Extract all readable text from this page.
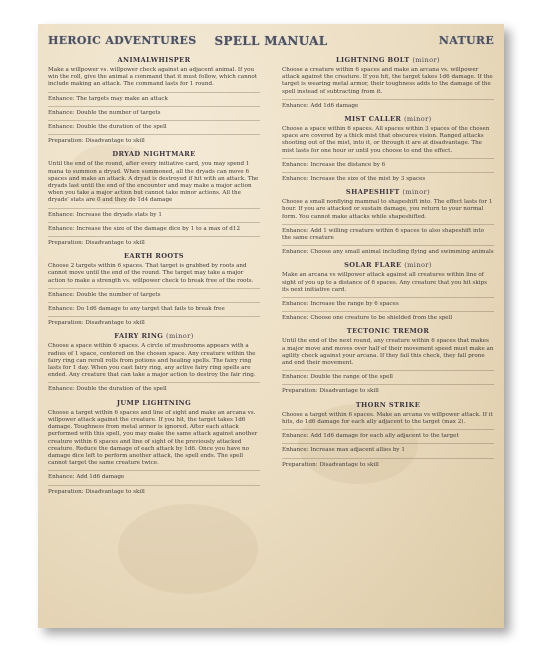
HEROIC ADVENTURES	SPELL MANUAL	NATURE
ANIMALWHISPER
Make a willpower vs. willpower check against an adjacent animal. If you win the roll, give the animal a command that it must follow, which cannot include making an attack. The command lasts for 1 round.
Enhance: The targets may make an attack
Enhance: Double the number of targets
Enhance: Double the duration of the spell
Preparation: Disadvantage to skill
DRYAD NIGHTMARE
Until the end of the round, after every initiative card, you may spend 1 mana to summon a dryad. When summoned, all the dryads can move 6 spaces and make an attack. A dryad is destroyed if hit with an attack. The dryads last until the end of the encounter and may make a major action when you take a major action but cannot take minor actions. All the dryads' stats are 0 and they do 1d4 damage
Enhance: Increase the dryads stats by 1
Enhance: Increase the size of the damage dice by 1 to a max of d12
Preparation: Disadvantage to skill
EARTH ROOTS
Choose 2 targets within 6 spaces. That target is grabbed by roots and cannot move until the end of the round. The target may take a major action to make a strength vs. willpower check to break free of the roots.
Enhance: Double the number of targets
Enhance: Do 1d6 damage to any target that fails to break free
Preparation: Disadvantage to skill
FAIRY RING (minor)
Choose a space within 6 spaces. A circle of mushrooms appears with a radius of 1 space, centered on the chosen space. Any creature within the fairy ring can reroll rolls from potions and healing spells. The fairy ring lasts for 1 day. When you cast fairy ring, any active fairy ring spells are ended. Any creature that can take a major action to destroy the fair ring.
Enhance: Double the duration of the spell
JUMP LIGHTNING
Choose a target within 6 spaces and line of sight and make an arcana vs. willpower attack against the creature. If you hit, the target takes 1d6 damage. Toughness from metal armor is ignored. After each attack performed with this spell, you may make the same attack against another creature within 6 spaces and line of sight of the previously attacked creature. Reduce the damage of each attack by 1d6. Once you have no damage dice left to perform another attack, the spell ends. The spell cannot target the same creature twice.
Enhance: Add 1d6 damage
Preparation: Disadvantage to skill
LIGHTNING BOLT (minor)
Choose a creature within 6 spaces and make an arcana vs. willpower attack against the creature. If you hit, the target takes 1d6 damage. If the target is wearing metal armor, their toughness adds to the damage of the spell instead of subtracting from it.
Enhance: Add 1d6 damage
MIST CALLER (minor)
Choose a space within 6 spaces. All spaces within 3 spaces of the chosen space are covered by a thick mist that obscures vision. Ranged attacks shooting out of the mist, into it, or through it are at disadvantage. The mist lasts for one hour or until you choose to end the effect.
Enhance: Increase the distance by 6
Enhance: Increase the size of the mist by 3 spaces
SHAPESHIFT (minor)
Choose a small nonflying mammal to shapeshift into. The effect lasts for 1 hour. If you are attacked or sustain damage, you return to your normal form. You cannot make attacks while shapeshifted.
Enhance: Add 1 willing creature within 6 spaces to also shapeshift into the same creature
Enhance: Choose any small animal including flying and swimming animals
SOLAR FLARE (minor)
Make an arcana vs willpower attack against all creatures within line of sight of you up to a distance of 6 spaces. Any creature that you hit skips its next initiative card.
Enhance: Increase the range by 6 spaces
Enhance: Choose one creature to be shielded from the spell
TECTONIC TREMOR
Until the end of the next round, any creature within 6 spaces that makes a major move and moves over half of their movement speed must make an agility check against your arcana. If they fail this check, they fall prone and end their movement.
Enhance: Double the range of the spell
Preparation: Disadvantage to skill
THORN STRIKE
Choose a target within 6 spaces. Make an arcana vs willpower attack. If it hits, do 1d6 damage for each ally adjacent to the target (max 2).
Enhance: Add 1d6 damage for each ally adjacent to the target
Enhance: Increase max adjacent allies by 1
Preparation: Disadvantage to skill
